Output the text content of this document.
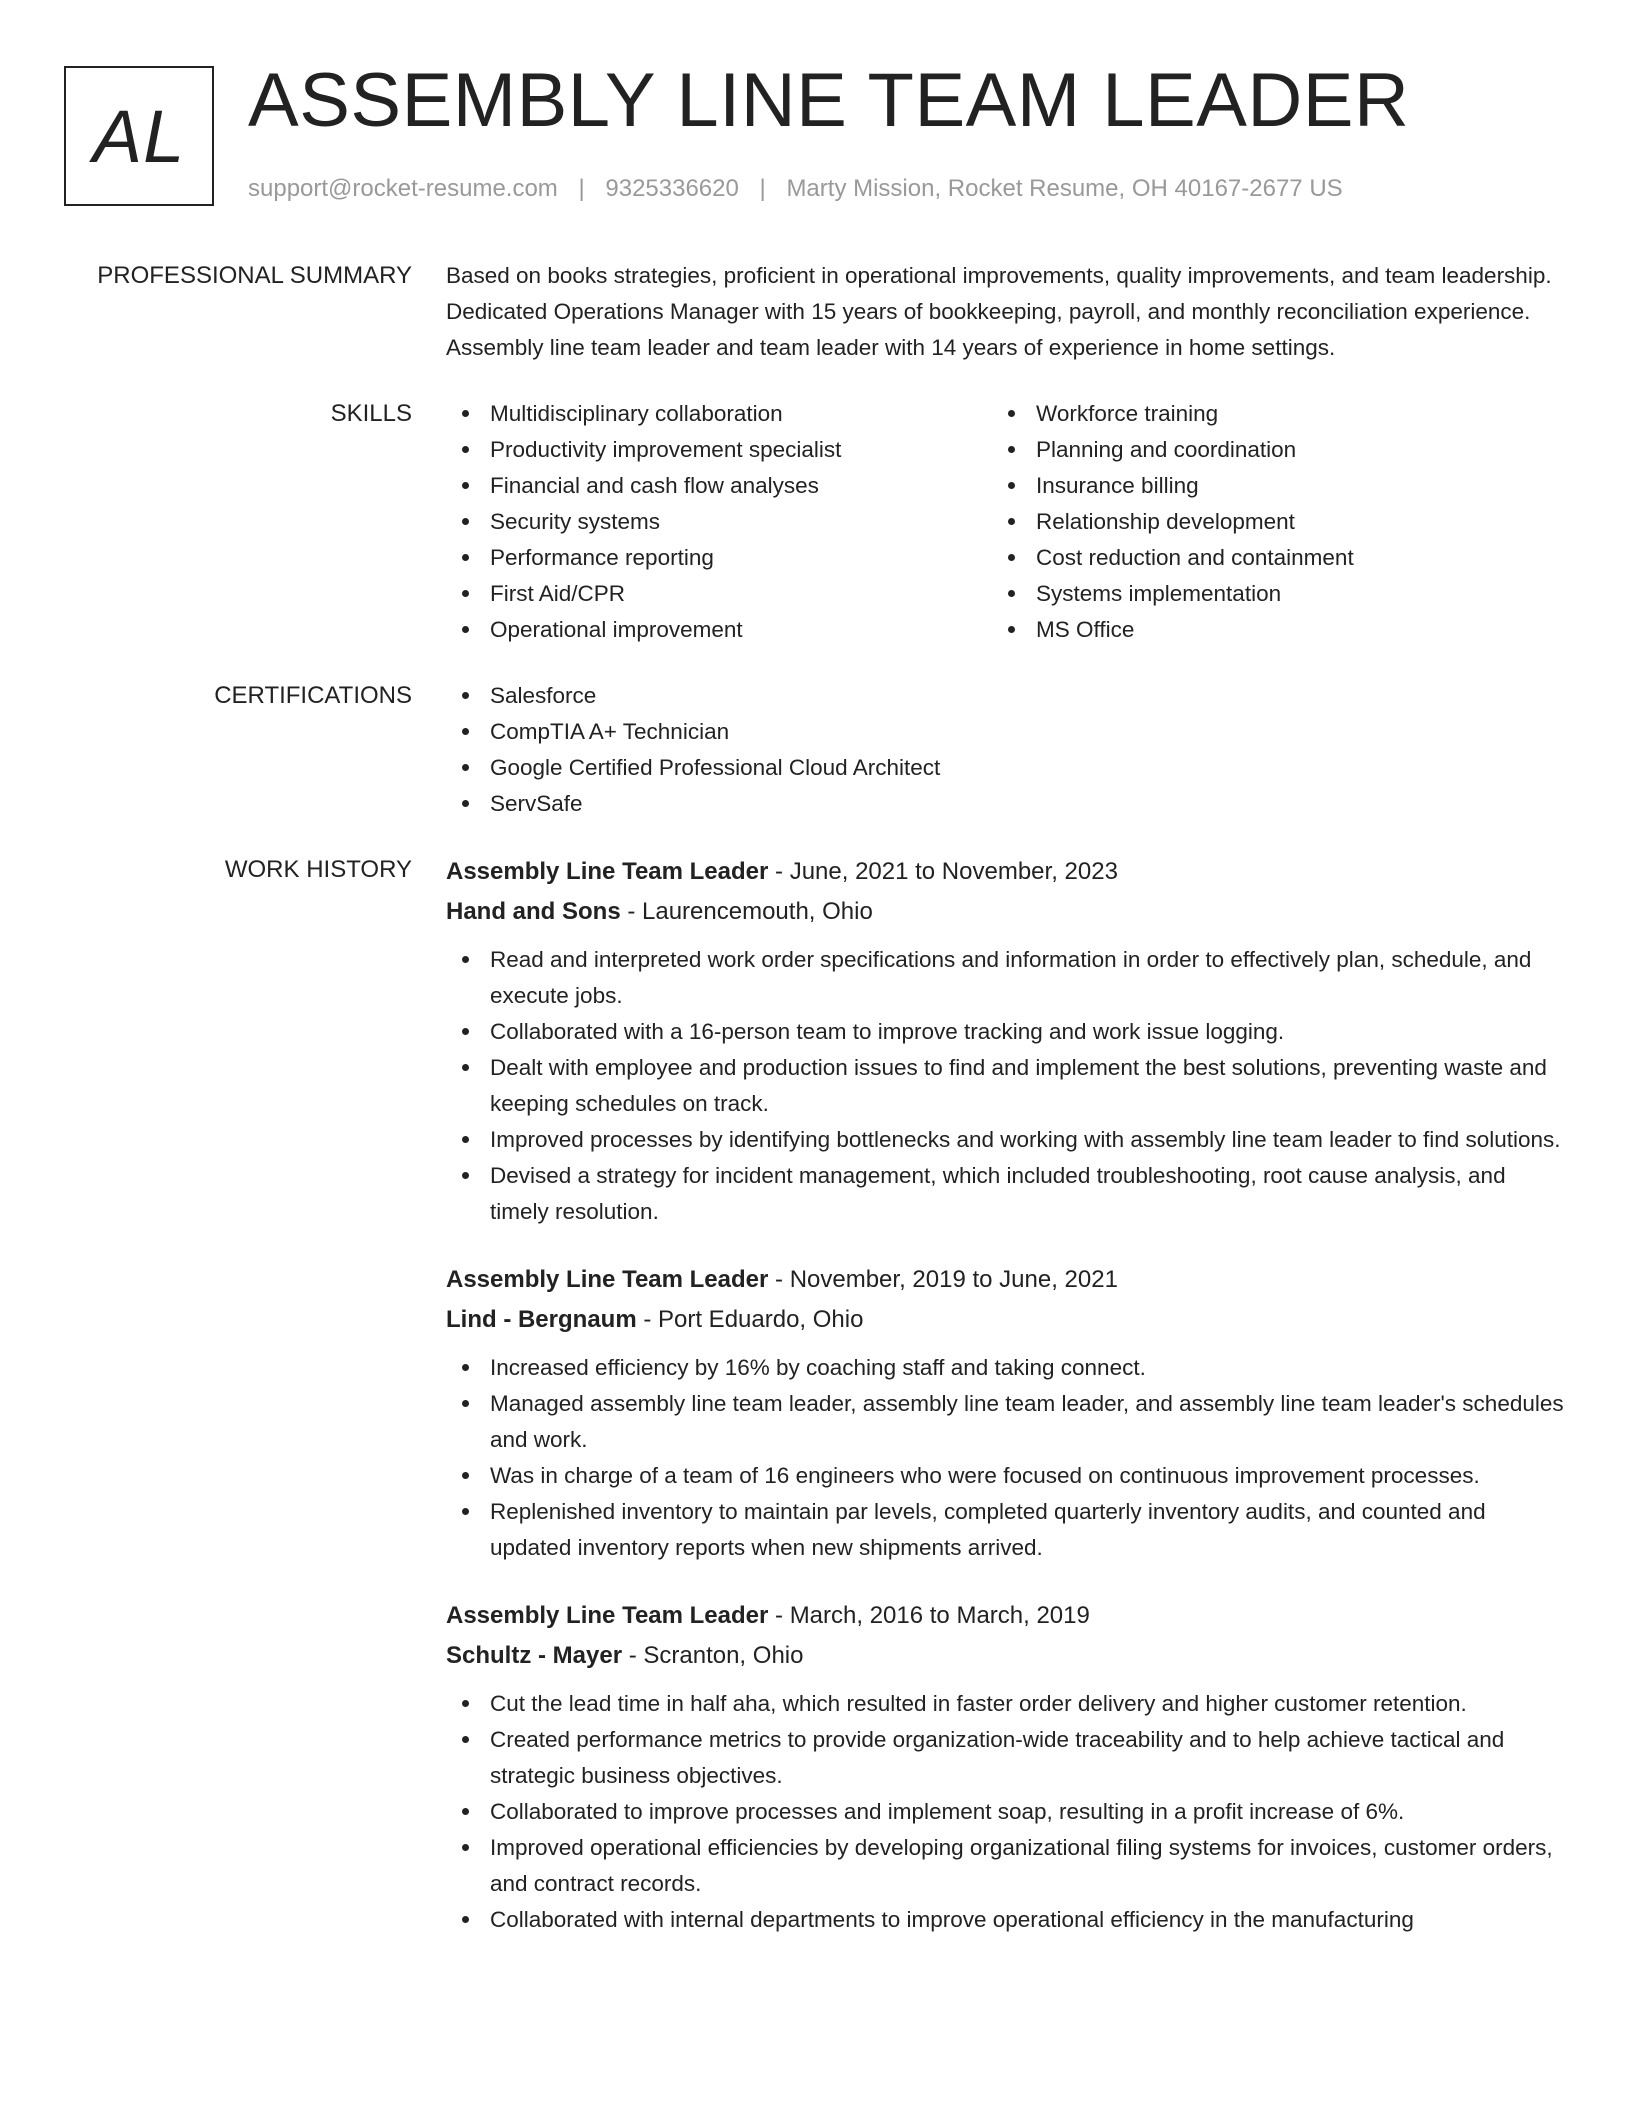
AL ASSEMBLY LINE TEAM LEADER
support@rocket-resume.com | 9325336620 | Marty Mission, Rocket Resume, OH 40167-2677 US
PROFESSIONAL SUMMARY Based on books strategies, proficient in operational improvements, quality improvements, and team leadership. Dedicated Operations Manager with 15 years of bookkeeping, payroll, and monthly reconciliation experience. Assembly line team leader and team leader with 14 years of experience in home settings.

SKILLS	Multidisciplinary collaboration
Productivity improvement specialist
Financial and cash flow analyses
Security systems
Performance reporting
First Aid/CPR
Operational improvement
Workforce training
Planning and coordination
Insurance billing
Relationship development
Cost reduction and containment
Systems implementation
MS Office
CERTIFICATIONS	Salesforce
CompTIA A+ Technician
Google Certified Professional Cloud Architect
ServSafe
WORK HISTORY Assembly Line Team Leader - June, 2021 to November, 2023
Hand and Sons - Laurencemouth, Ohio
Read and interpreted work order specifications and information in order to effectively plan, schedule, and execute jobs.
Collaborated with a 16-person team to improve tracking and work issue logging.
Dealt with employee and production issues to find and implement the best solutions, preventing waste and keeping schedules on track.
Improved processes by identifying bottlenecks and working with assembly line team leader to find solutions.
Devised a strategy for incident management, which included troubleshooting, root cause analysis, and timely resolution.
Assembly Line Team Leader - November, 2019 to June, 2021
Lind - Bergnaum - Port Eduardo, Ohio
Increased efficiency by 16% by coaching staff and taking connect.
Managed assembly line team leader, assembly line team leader, and assembly line team leader's schedules and work.
Was in charge of a team of 16 engineers who were focused on continuous improvement processes.
Replenished inventory to maintain par levels, completed quarterly inventory audits, and counted and updated inventory reports when new shipments arrived.
Assembly Line Team Leader - March, 2016 to March, 2019
Schultz - Mayer - Scranton, Ohio
Cut the lead time in half aha, which resulted in faster order delivery and higher customer retention.
Created performance metrics to provide organization-wide traceability and to help achieve tactical and strategic business objectives.
Collaborated to improve processes and implement soap, resulting in a profit increase of 6%.
Improved operational efficiencies by developing organizational filing systems for invoices, customer orders, and contract records.
Collaborated with internal departments to improve operational efficiency in the manufacturing
